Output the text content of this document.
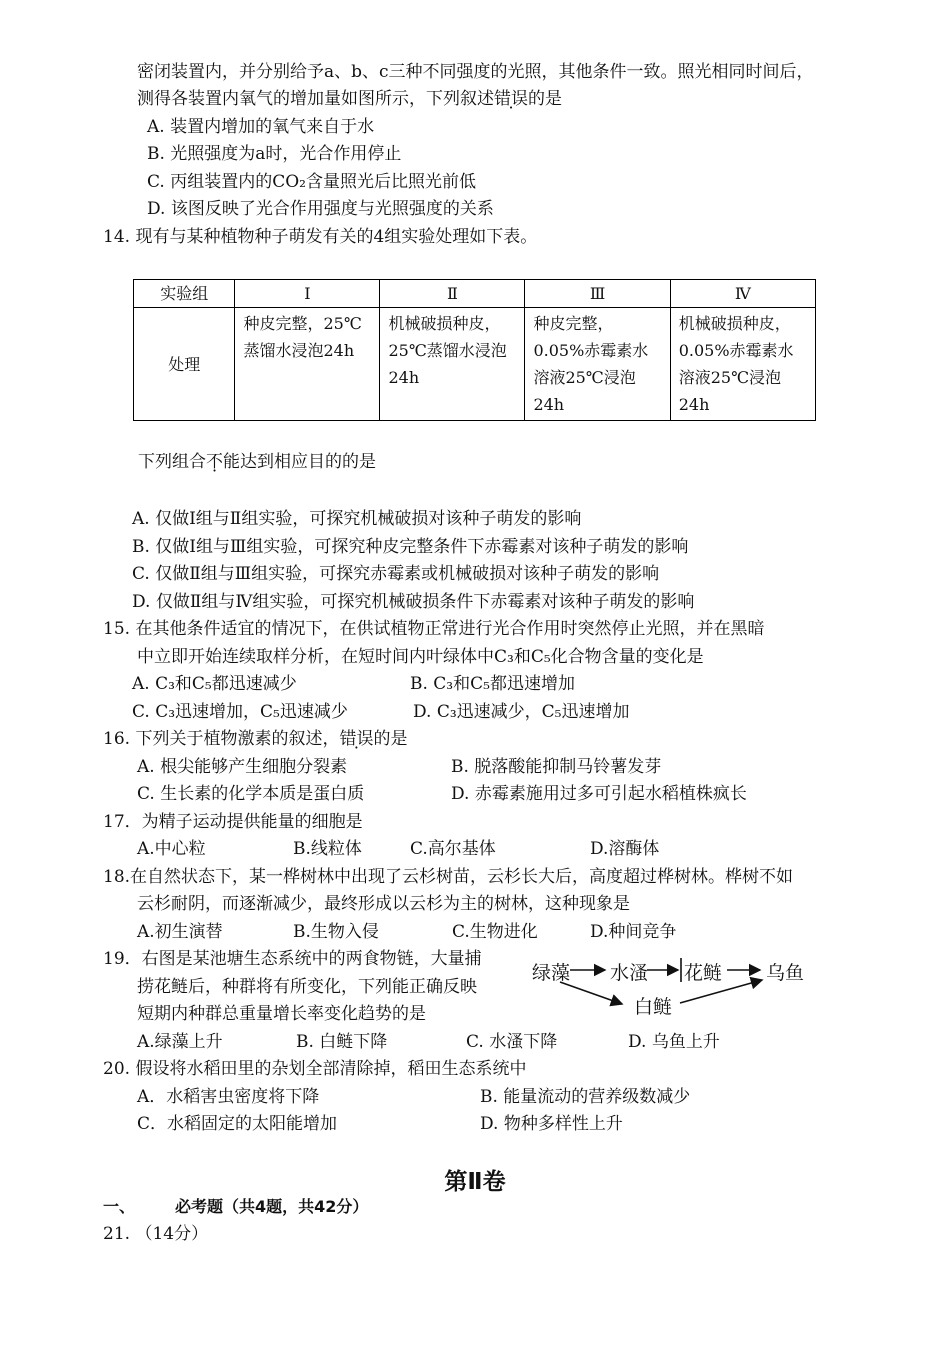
密闭装置内，并分别给予a、b、c三种不同强度的光照，其他条件一致。照光相同时间后，
测得各装置内氧气的增加量如图所示，下列叙述错误的是
A. 装置内增加的氧气来自于水
B. 光照强度为a时，光合作用停止
C. 丙组装置内的CO₂含量照光后比照光前低
D. 该图反映了光合作用强度与光照强度的关系
14. 现有与某种植物种子萌发有关的4组实验处理如下表。
实验组	Ⅰ	Ⅱ	Ⅲ	Ⅳ
处理	种皮完整，25℃蒸馏水浸泡24h	机械破损种皮，25℃蒸馏水浸泡24h	种皮完整，0.05%赤霉素水溶液25℃浸泡24h	机械破损种皮，0.05%赤霉素水溶液25℃浸泡24h
下列组合不能达到相应目的的是
A. 仅做Ⅰ组与Ⅱ组实验，可探究机械破损对该种子萌发的影响
B. 仅做Ⅰ组与Ⅲ组实验，可探究种皮完整条件下赤霉素对该种子萌发的影响
C. 仅做Ⅱ组与Ⅲ组实验，可探究赤霉素或机械破损对该种子萌发的影响
D. 仅做Ⅱ组与Ⅳ组实验，可探究机械破损条件下赤霉素对该种子萌发的影响
15. 在其他条件适宜的情况下，在供试植物正常进行光合作用时突然停止光照，并在黑暗
中立即开始连续取样分析，在短时间内叶绿体中C₃和C₅化合物含量的变化是
A. C₃和C₅都迅速减少	B. C₃和C₅都迅速增加
C. C₃迅速增加，C₅迅速减少	D. C₃迅速减少，C₅迅速增加
16. 下列关于植物激素的叙述，错误的是
A. 根尖能够产生细胞分裂素	B. 脱落酸能抑制马铃薯发芽
C. 生长素的化学本质是蛋白质	D. 赤霉素施用过多可引起水稻植株疯长
17．为精子运动提供能量的细胞是
A.中心粒	B.线粒体	C.高尔基体	D.溶酶体
18.在自然状态下，某一桦树林中出现了云杉树苗，云杉长大后，高度超过桦树林。桦树不如
云杉耐阴，而逐渐减少，最终形成以云杉为主的树林，这种现象是
A.初生演替	B.生物入侵	C.生物进化	D.种间竞争
19．右图是某池塘生态系统中的两食物链，大量捕
捞花鲢后，种群将有所变化，下列能正确反映
短期内种群总重量增长率变化趋势的是
A.绿藻上升	B. 白鲢下降	C. 水溞下降	D. 乌鱼上升
绿藻 水溞 花鲢 乌鱼
白鲢
20. 假设将水稻田里的杂划全部清除掉，稻田生态系统中
A．水稻害虫密度将下降	B. 能量流动的营养级数减少
C．水稻固定的太阳能增加	D. 物种多样性上升
第Ⅱ卷
一、 必考题（共4题，共42分）
21. （14分）
